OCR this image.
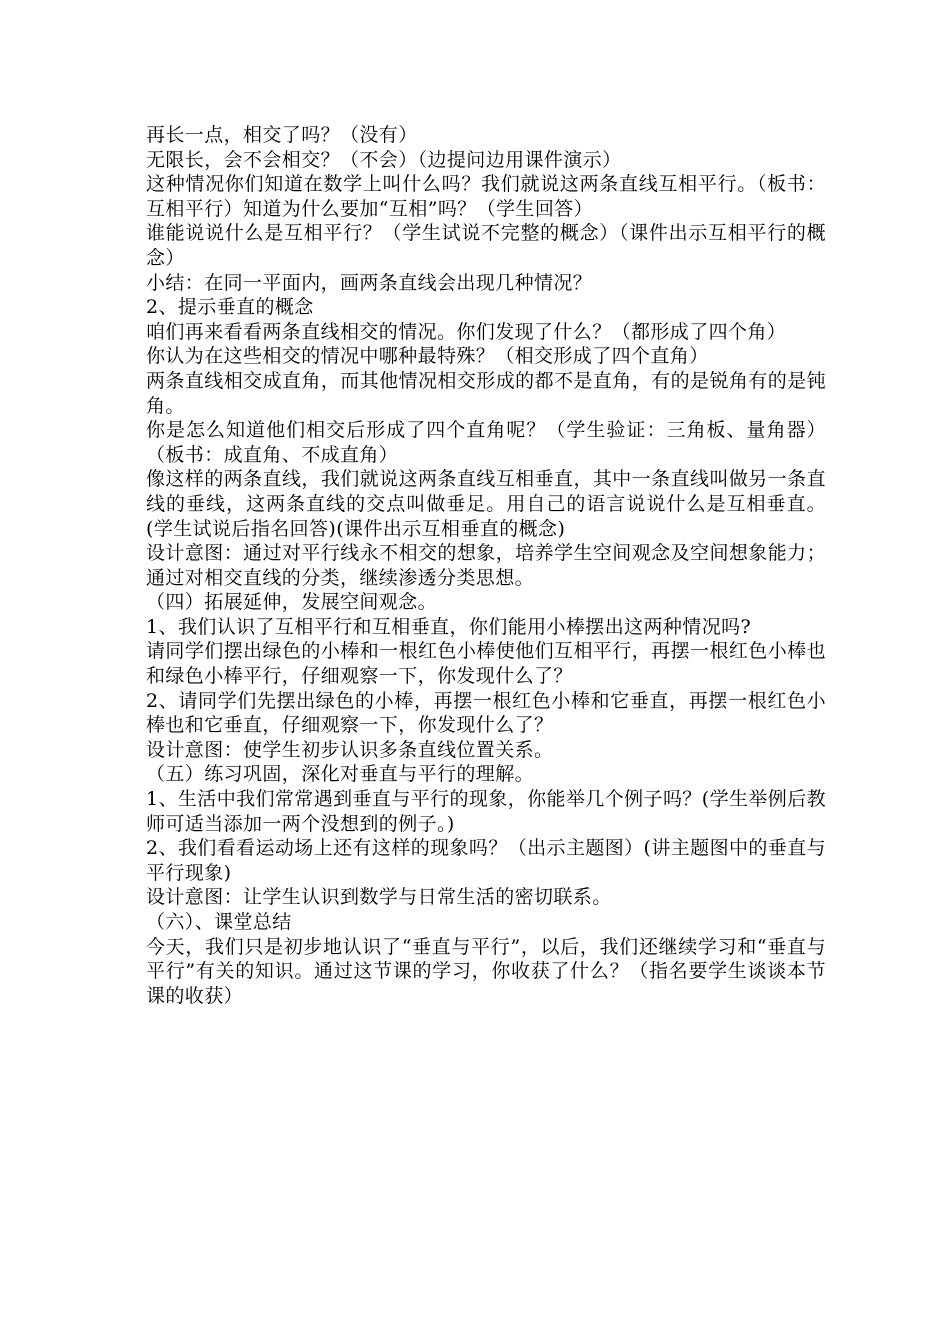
再长一点，相交了吗？（没有）

无限长，会不会相交？（不会）（边提问边用课件演示）

这种情况你们知道在数学上叫什么吗？我们就说这两条直线互相平行。（板书：互相平行）知道为什么要加“互相”吗？（学生回答）

谁能说说什么是互相平行？（学生试说不完整的概念）（课件出示互相平行的概念）

小结：在同一平面内，画两条直线会出现几种情况？

2、提示垂直的概念

咱们再来看看两条直线相交的情况。你们发现了什么？（都形成了四个角）

你认为在这些相交的情况中哪种最特殊？（相交形成了四个直角）

两条直线相交成直角，而其他情况相交形成的都不是直角，有的是锐角有的是钝角。

你是怎么知道他们相交后形成了四个直角呢？（学生验证：三角板、量角器）（板书：成直角、不成直角）

像这样的两条直线，我们就说这两条直线互相垂直，其中一条直线叫做另一条直线的垂线，这两条直线的交点叫做垂足。用自己的语言说说什么是互相垂直。(学生试说后指名回答)(课件出示互相垂直的概念)

设计意图：通过对平行线永不相交的想象，培养学生空间观念及空间想象能力；通过对相交直线的分类，继续渗透分类思想。

（四）拓展延伸，发展空间观念。

1、我们认识了互相平行和互相垂直，你们能用小棒摆出这两种情况吗?

请同学们摆出绿色的小棒和一根红色小棒使他们互相平行，再摆一根红色小棒也和绿色小棒平行，仔细观察一下，你发现什么了？

2、请同学们先摆出绿色的小棒，再摆一根红色小棒和它垂直，再摆一根红色小棒也和它垂直，仔细观察一下，你发现什么了？

设计意图：使学生初步认识多条直线位置关系。

（五）练习巩固，深化对垂直与平行的理解。

1、生活中我们常常遇到垂直与平行的现象，你能举几个例子吗？(学生举例后教师可适当添加一两个没想到的例子。)

2、我们看看运动场上还有这样的现象吗？（出示主题图）(讲主题图中的垂直与平行现象)

设计意图：让学生认识到数学与日常生活的密切联系。

（六）、课堂总结

今天，我们只是初步地认识了“垂直与平行”，以后，我们还继续学习和“垂直与平行”有关的知识。通过这节课的学习，你收获了什么？（指名要学生谈谈本节课的收获）
